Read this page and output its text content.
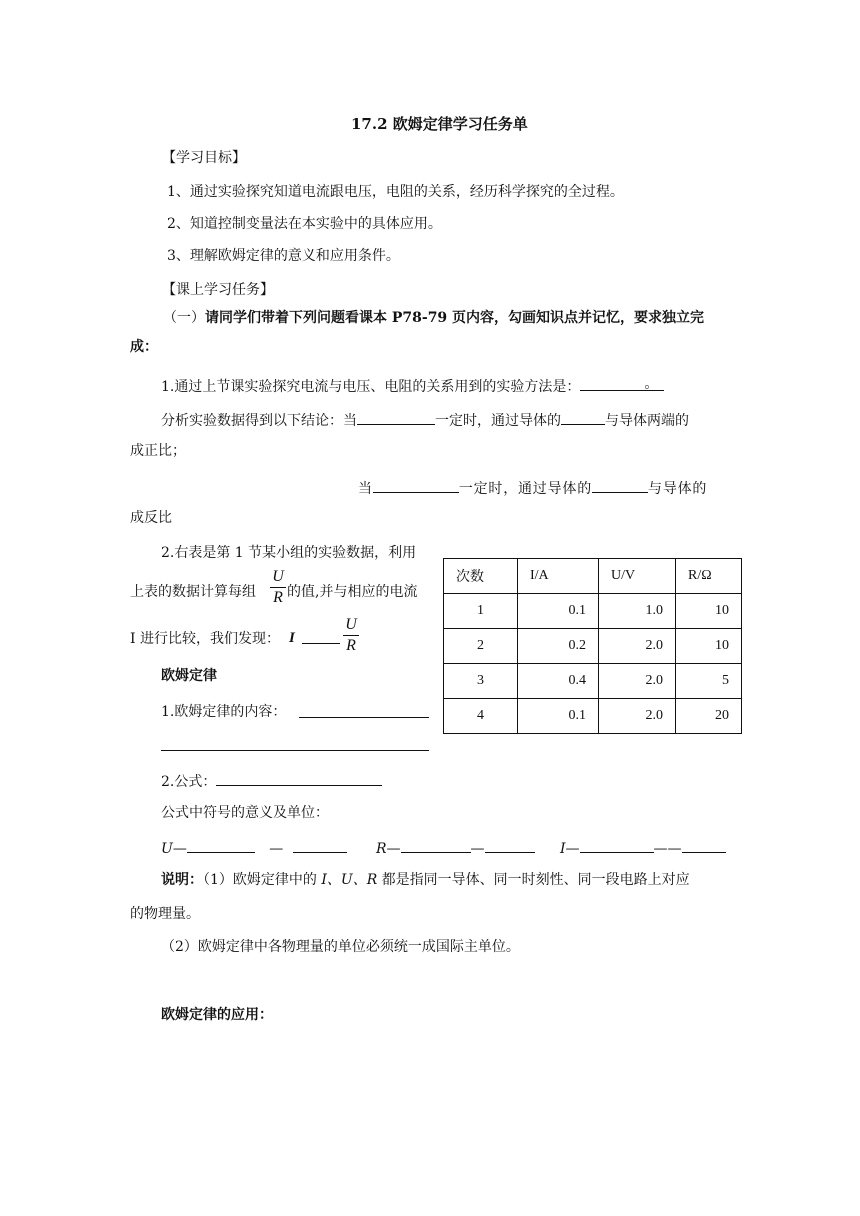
17.2 欧姆定律学习任务单
【学习目标】
1、通过实验探究知道电流跟电压，电阻的关系，经历科学探究的全过程。
2、知道控制变量法在本实验中的具体应用。
3、理解欧姆定律的意义和应用条件。
【课上学习任务】
（一）请同学们带着下列问题看课本 P78-79 页内容，勾画知识点并记忆，要求独立完
成：
1.通过上节课实验探究电流与电压、电阻的关系用到的实验方法是：	。
分析实验数据得到以下结论：当	一定时，通过导体的	与导体两端的
成正比；
当	一定时，通过导体的	与导体的
成反比
2.右表是第 1 节某小组的实验数据，利用
上表的数据计算每组
U
R 的值,并与相应的电流
I 进行比较，我们发现： I
U
R
次数	I/A	U/V	R/Ω
1	0.1	1.0	10
2	0.2	2.0	10
3	0.4	2.0	5
4	0.1	2.0	20
欧姆定律
1.欧姆定律的内容：
2.公式：
公式中符号的意义及单位：
U—	—	R—	—	I—	——
说明：（1）欧姆定律中的 I、U、R 都是指同一导体、同一时刻性、同一段电路上对应
的物理量。
（2）欧姆定律中各物理量的单位必须统一成国际主单位。
欧姆定律的应用：
